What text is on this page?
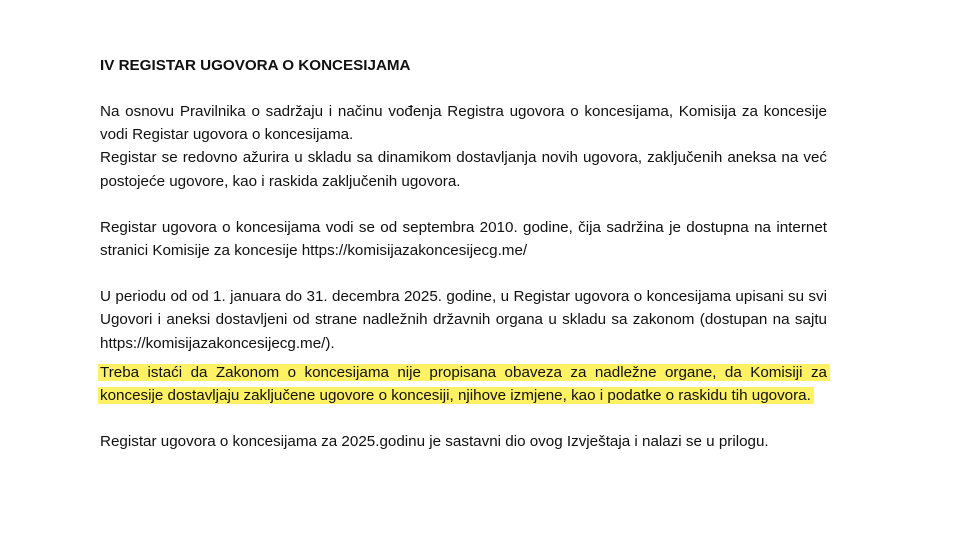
IV REGISTAR UGOVORA O KONCESIJAMA

Na osnovu Pravilnika o sadržaju i načinu vođenja Registra ugovora o koncesijama, Komisija za koncesije vodi Registar ugovora o koncesijama.

Registar se redovno ažurira u skladu sa dinamikom dostavljanja novih ugovora, zaključenih aneksa na već postojeće ugovore, kao i raskida zaključenih ugovora.

Registar ugovora o koncesijama vodi se od septembra 2010. godine, čija sadržina je dostupna na internet stranici Komisije za koncesije https://komisijazakoncesijecg.me/

U periodu od od 1. januara do 31. decembra 2025. godine, u Registar ugovora o koncesijama upisani su svi Ugovori i aneksi dostavljeni od strane nadležnih državnih organa u skladu sa zakonom (dostupan na sajtu https://komisijazakoncesijecg.me/).

Treba istaći da Zakonom o koncesijama nije propisana obaveza za nadležne organe, da Komisiji za koncesije dostavljaju zaključene ugovore o koncesiji, njihove izmjene, kao i podatke o raskidu tih ugovora.

Registar ugovora o koncesijama za 2025.godinu je sastavni dio ovog Izvještaja i nalazi se u prilogu.
